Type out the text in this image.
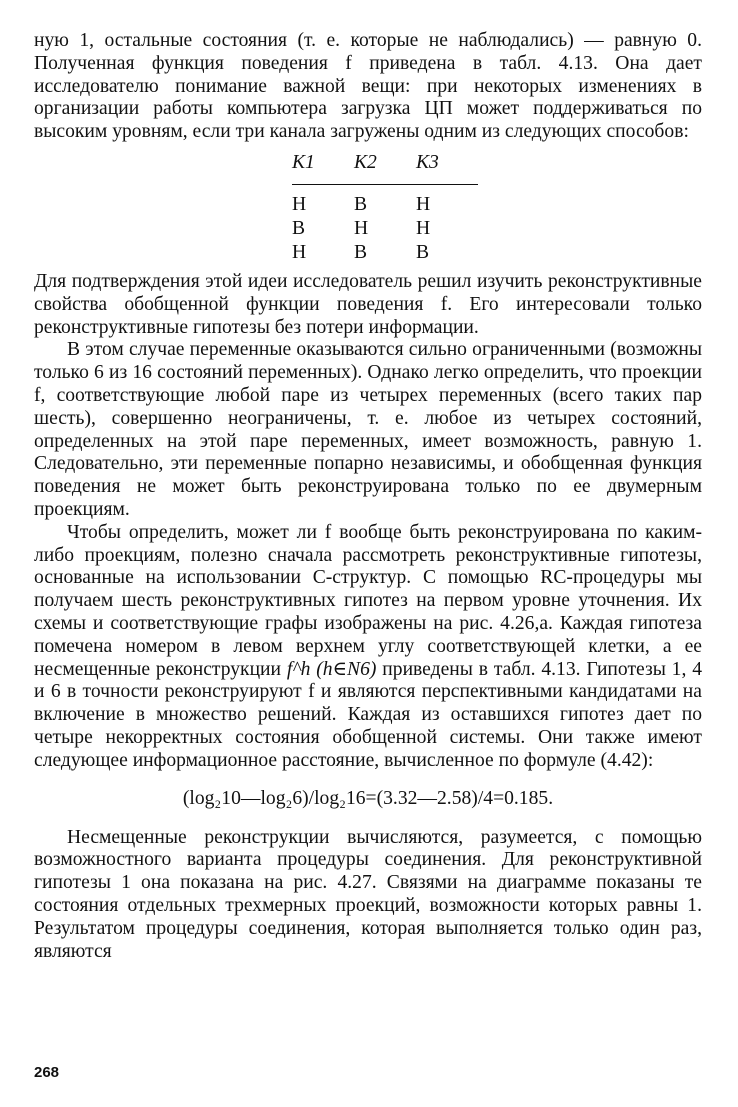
ную 1, остальные состояния (т. е. которые не наблюдались) — равную 0. Полученная функция поведения f приведена в табл. 4.13. Она дает исследователю понимание важной вещи: при некоторых изменениях в организации работы компьютера загрузка ЦП может поддерживаться по высоким уровням, если три канала загружены одним из следующих способов:

К1	К2	К3
Н	В	Н
В	Н	Н
Н	В	В

Для подтверждения этой идеи исследователь решил изучить реконструктивные свойства обобщенной функции поведения f. Его интересовали только реконструктивные гипотезы без потери информации.

В этом случае переменные оказываются сильно ограниченными (возможны только 6 из 16 состояний переменных). Однако легко определить, что проекции f, соответствующие любой паре из четырех переменных (всего таких пар шесть), совершенно неограничены, т. е. любое из четырех состояний, определенных на этой паре переменных, имеет возможность, равную 1. Следовательно, эти переменные попарно независимы, и обобщенная функция поведения не может быть реконструирована только по ее двумерным проекциям.

Чтобы определить, может ли f вообще быть реконструирована по каким-либо проекциям, полезно сначала рассмотреть реконструктивные гипотезы, основанные на использовании C-структур. С помощью RC-процедуры мы получаем шесть реконструктивных гипотез на первом уровне уточнения. Их схемы и соответствующие графы изображены на рис. 4.26,а. Каждая гипотеза помечена номером в левом верхнем углу соответствующей клетки, а ее несмещенные реконструкции f^h (h∈N6) приведены в табл. 4.13. Гипотезы 1, 4 и 6 в точности реконструируют f и являются перспективными кандидатами на включение в множество решений. Каждая из оставшихся гипотез дает по четыре некорректных состояния обобщенной системы. Они также имеют следующее информационное расстояние, вычисленное по формуле (4.42):

(log₂10—log₂6)/log₂16=(3.32—2.58)/4=0.185.

Несмещенные реконструкции вычисляются, разумеется, с помощью возможностного варианта процедуры соединения. Для реконструктивной гипотезы 1 она показана на рис. 4.27. Связями на диаграмме показаны те состояния отдельных трехмерных проекций, возможности которых равны 1. Результатом процедуры соединения, которая выполняется только один раз, являются

268
